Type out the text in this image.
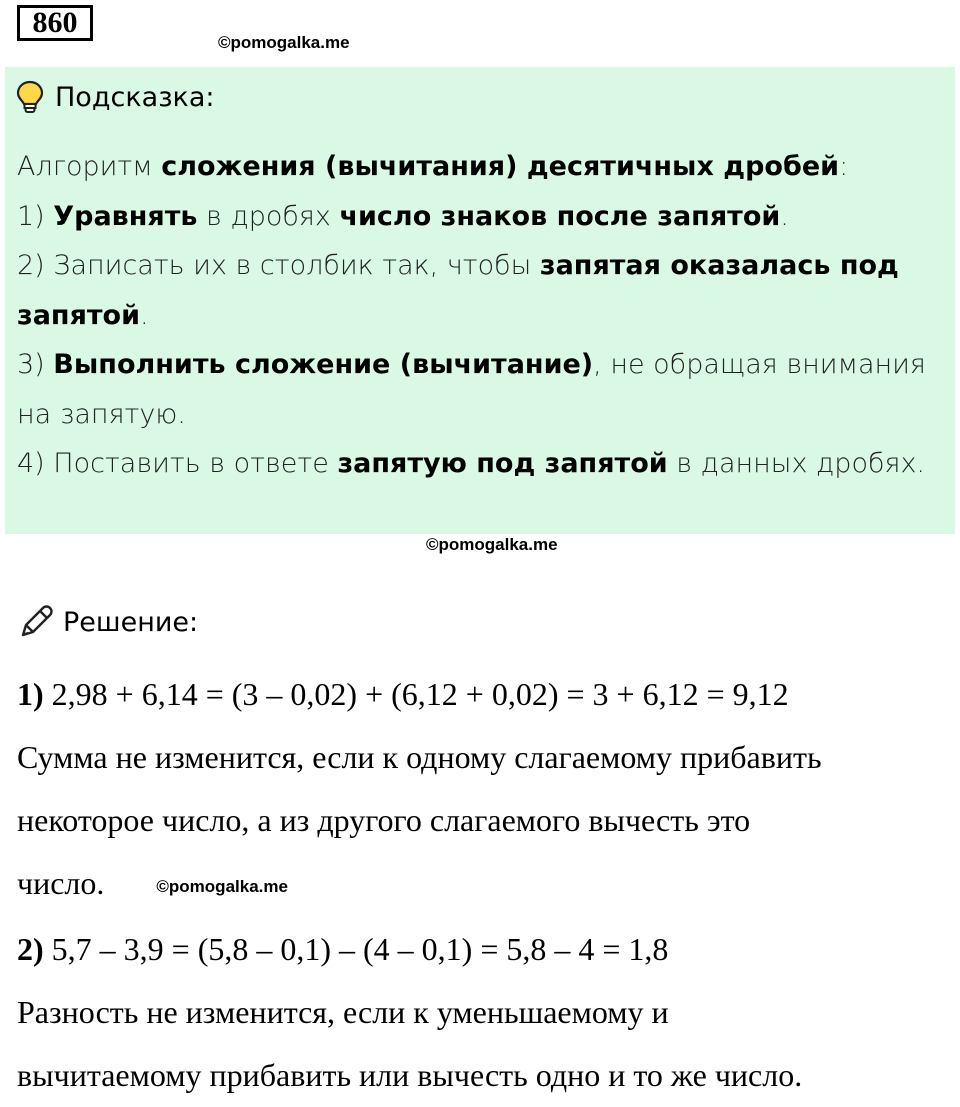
860
©pomogalka.me
Подсказка:

Алгоритм сложения (вычитания) десятичных дробей:

1) Уравнять в дробях число знаков после запятой.

2) Записать их в столбик так, чтобы запятая оказалась под запятой.

3) Выполнить сложение (вычитание), не обращая внимания на запятую.

4) Поставить в ответе запятую под запятой в данных дробях.

©pomogalka.me
Решение:

1) 2,98 + 6,14 = (3 – 0,02) + (6,12 + 0,02) = 3 + 6,12 = 9,12

Сумма не изменится, если к одному слагаемому прибавить

некоторое число, а из другого слагаемого вычесть это

число.	©pomogalka.me

2) 5,7 – 3,9 = (5,8 – 0,1) – (4 – 0,1) = 5,8 – 4 = 1,8

Разность не изменится, если к уменьшаемому и

вычитаемому прибавить или вычесть одно и то же число.
